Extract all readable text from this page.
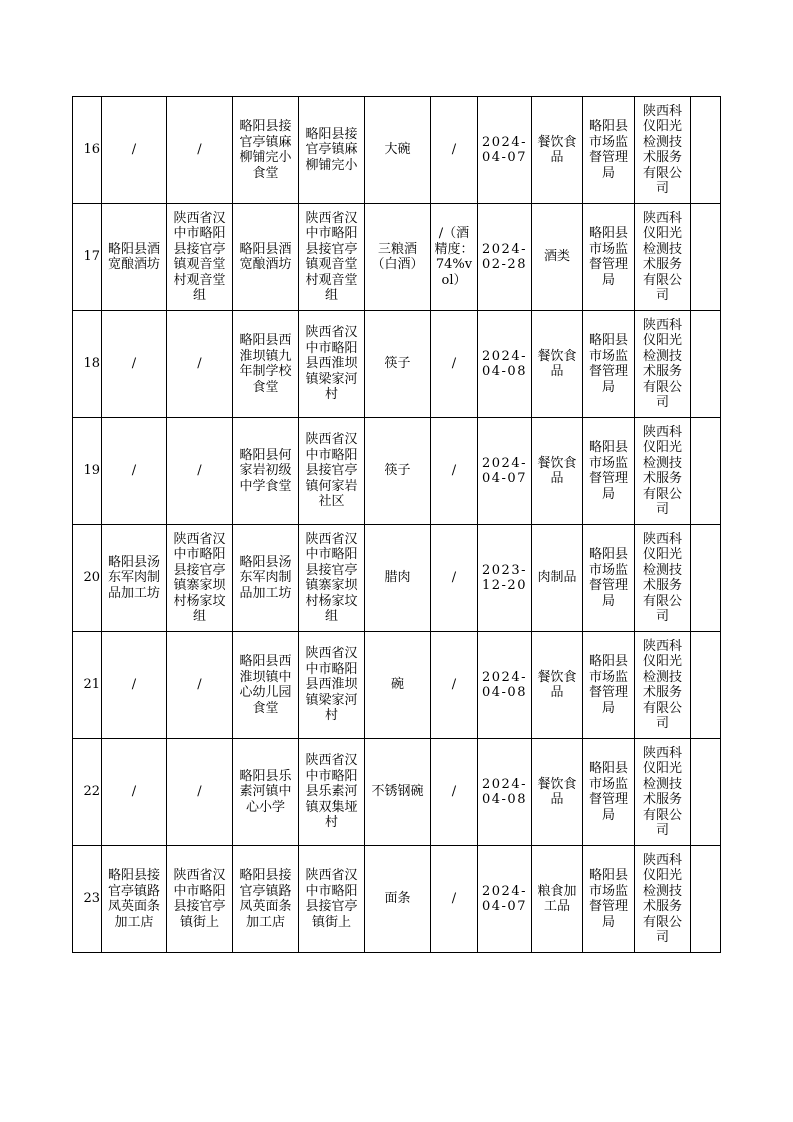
16	/	/	略阳县接官亭镇麻柳铺完小食堂	略阳县接官亭镇麻柳铺完小	大碗	/	2024-04-07	餐饮食品	略阳县市场监督管理局	陕西科仪阳光检测技术服务有限公司	
17	略阳县酒宽酿酒坊	陕西省汉中市略阳县接官亭镇观音堂村观音堂组	略阳县酒宽酿酒坊	陕西省汉中市略阳县接官亭镇观音堂村观音堂组	三粮酒（白酒）	/（酒精度：74%vol）	2024-02-28	酒类	略阳县市场监督管理局	陕西科仪阳光检测技术服务有限公司	
18	/	/	略阳县西淮坝镇九年制学校食堂	陕西省汉中市略阳县西淮坝镇梁家河村	筷子	/	2024-04-08	餐饮食品	略阳县市场监督管理局	陕西科仪阳光检测技术服务有限公司	
19	/	/	略阳县何家岩初级中学食堂	陕西省汉中市略阳县接官亭镇何家岩社区	筷子	/	2024-04-07	餐饮食品	略阳县市场监督管理局	陕西科仪阳光检测技术服务有限公司	
20	略阳县汤东军肉制品加工坊	陕西省汉中市略阳县接官亭镇寨家坝村杨家坟组	略阳县汤东军肉制品加工坊	陕西省汉中市略阳县接官亭镇寨家坝村杨家坟组	腊肉	/	2023-12-20	肉制品	略阳县市场监督管理局	陕西科仪阳光检测技术服务有限公司	
21	/	/	略阳县西淮坝镇中心幼儿园食堂	陕西省汉中市略阳县西淮坝镇梁家河村	碗	/	2024-04-08	餐饮食品	略阳县市场监督管理局	陕西科仪阳光检测技术服务有限公司	
22	/	/	略阳县乐素河镇中心小学	陕西省汉中市略阳县乐素河镇双集垭村	不锈钢碗	/	2024-04-08	餐饮食品	略阳县市场监督管理局	陕西科仪阳光检测技术服务有限公司	
23	略阳县接官亭镇路凤英面条加工店	陕西省汉中市略阳县接官亭镇街上	略阳县接官亭镇路凤英面条加工店	陕西省汉中市略阳县接官亭镇街上	面条	/	2024-04-07	粮食加工品	略阳县市场监督管理局	陕西科仪阳光检测技术服务有限公司	
